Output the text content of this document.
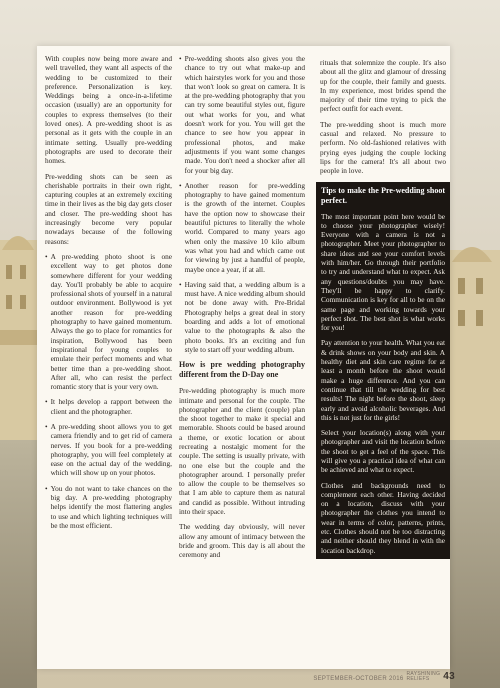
With couples now being more aware and well travelled, they want all aspects of the wedding to be customized to their preference. Personalization is key. Weddings being a once-in-a-lifetime occasion (usually) are an opportunity for couples to express themselves (to their loved ones). A pre-wedding shoot is as personal as it gets with the couple in an intimate setting. Usually pre-wedding photographs are used to decorate their homes.

Pre-wedding shots can be seen as cherishable portraits in their own right, capturing couples at an extremely exciting time in their lives as the big day gets closer and closer. The pre-wedding shoot has increasingly become very popular nowadays because of the following reasons:

• A pre-wedding photo shoot is one excellent way to get photos done somewhere different for your wedding day. You'll probably be able to acquire professional shots of yourself in a natural outdoor environment. Bollywood is yet another reason for pre-wedding photography to have gained momentum. Always the go to place for romantics for inspiration, Bollywood has been inspirational for young couples to emulate their perfect moments and what better time than a pre-wedding shoot. After all, who can resist the perfect romantic story that is your very own.

• It helps develop a rapport between the client and the photographer.

• A pre-wedding shoot allows you to get camera friendly and to get rid of camera nerves. If you book for a pre-wedding photography, you will feel completely at ease on the actual day of the wedding, which will show up on your photos.

• You do not want to take chances on the big day. A pre-wedding photography helps identify the most flattering angles to use and which lighting techniques will be the most efficient.

• Pre-wedding shoots also gives you the chance to try out what make-up and which hairstyles work for you and those that won't look so great on camera. It is at the pre-wedding photography that you can try some beautiful styles out, figure out what works for you, and what doesn't work for you. You will get the chance to see how you appear in professional photos, and make adjustments if you want some changes made. You don't need a shocker after all for your big day.

• Another reason for pre-wedding photography to have gained momentum is the growth of the internet. Couples have the option now to showcase their beautiful pictures to literally the whole world. Compared to many years ago when only the massive 10 kilo album was what you had and which came out for viewing by just a handful of people, maybe once a year, if at all.

• Having said that, a wedding album is a must have. A nice wedding album should not be done away with. Pre-Bridal Photography helps a great deal in story boarding and adds a lot of emotional value to the photographs & also the photo books. It's an exciting and fun style to start off your wedding album.

How is pre wedding photography different from the D-Day one

Pre-wedding photography is much more intimate and personal for the couple. The photographer and the client (couple) plan the shoot together to make it special and memorable. Shoots could be based around a theme, or exotic location or about recreating a nostalgic moment for the couple. The setting is usually private, with no one else but the couple and the photographer around. I personally prefer to allow the couple to be themselves so that I am able to capture them as natural and candid as possible. Without intruding into their space.

The wedding day obviously, will never allow any amount of intimacy between the bride and groom. This day is all about the ceremony and

rituals that solemnize the couple. It's also about all the glitz and glamour of dressing up for the couple, their family and guests. In my experience, most brides spend the majority of their time trying to pick the perfect outfit for each event.

The pre-wedding shoot is much more casual and relaxed. No pressure to perform. No old-fashioned relatives with prying eyes judging the couple locking lips for the camera! It's all about two people in love.

Tips to make the Pre-wedding shoot perfect.

The most important point here would be to choose your photographer wisely! Everyone with a camera is not a photographer. Meet your photographer to share ideas and see your comfort levels with him/her. Go through their portfolio to try and understand what to expect. Ask any questions/doubts you may have. They'll be happy to clarify. Communication is key for all to be on the same page and working towards your perfect shot. The best shot is what works for you!

Pay attention to your health. What you eat & drink shows on your body and skin. A healthy diet and skin care regime for at least a month before the shoot would make a huge difference. And you can continue that till the wedding for best results! The night before the shoot, sleep early and avoid alcoholic beverages. And this is not just for the girls!

Select your location(s) along with your photographer and visit the location before the shoot to get a feel of the space. This will give you a practical idea of what can be achieved and what to expect.

Clothes and backgrounds need to complement each other. Having decided on a location, discuss with your photographer the clothes you intend to wear in terms of color, patterns, prints, etc. Clothes should not be too distracting and neither should they blend in with the location backdrop.

SEPTEMBER-OCTOBER 2016
RAYSHINING
RELIEFS	43
